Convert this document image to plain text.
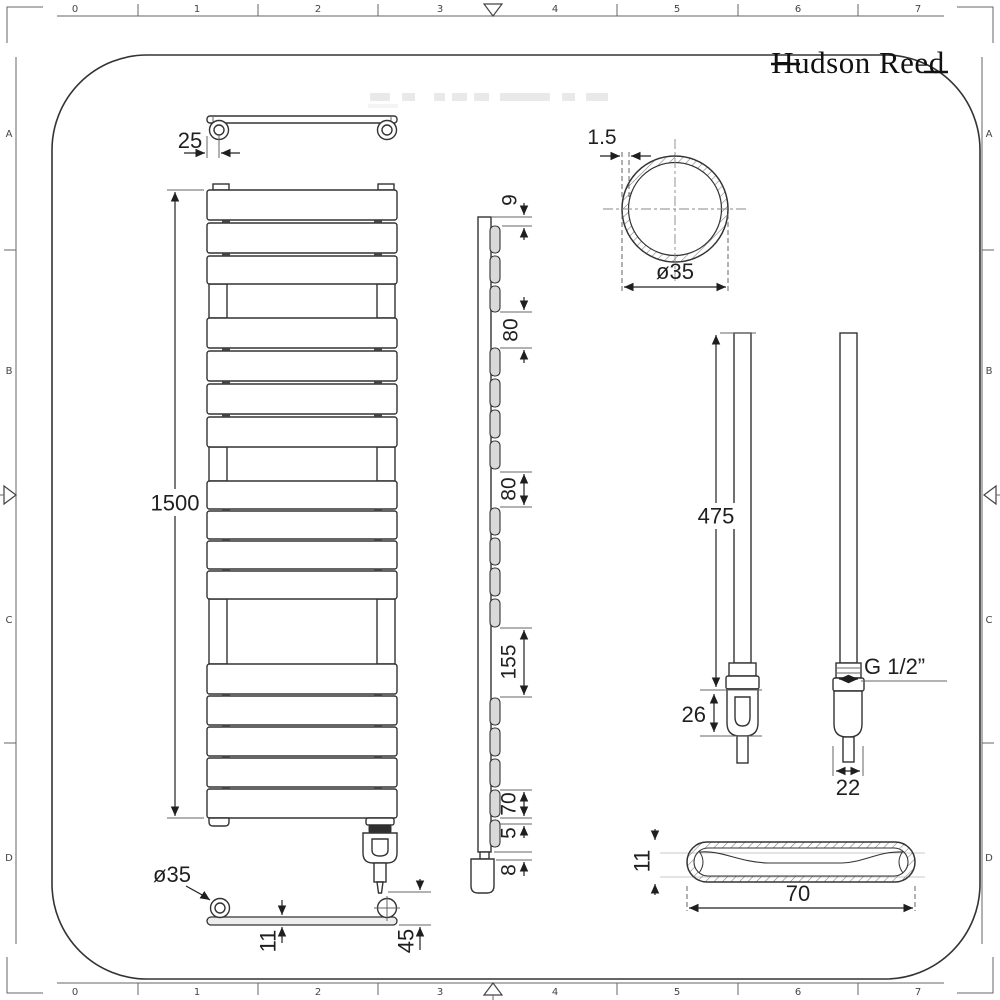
0	1	2	3	4	5	6	7
0	1	2	3	4	5	6	7
A
B
C
D
A
B
C
D
Hudson Reed
25
1500
9
80
80
155
70
5
8
1.5
ø35
475
26
G 1/2”
22
11
70
ø35
11	45
